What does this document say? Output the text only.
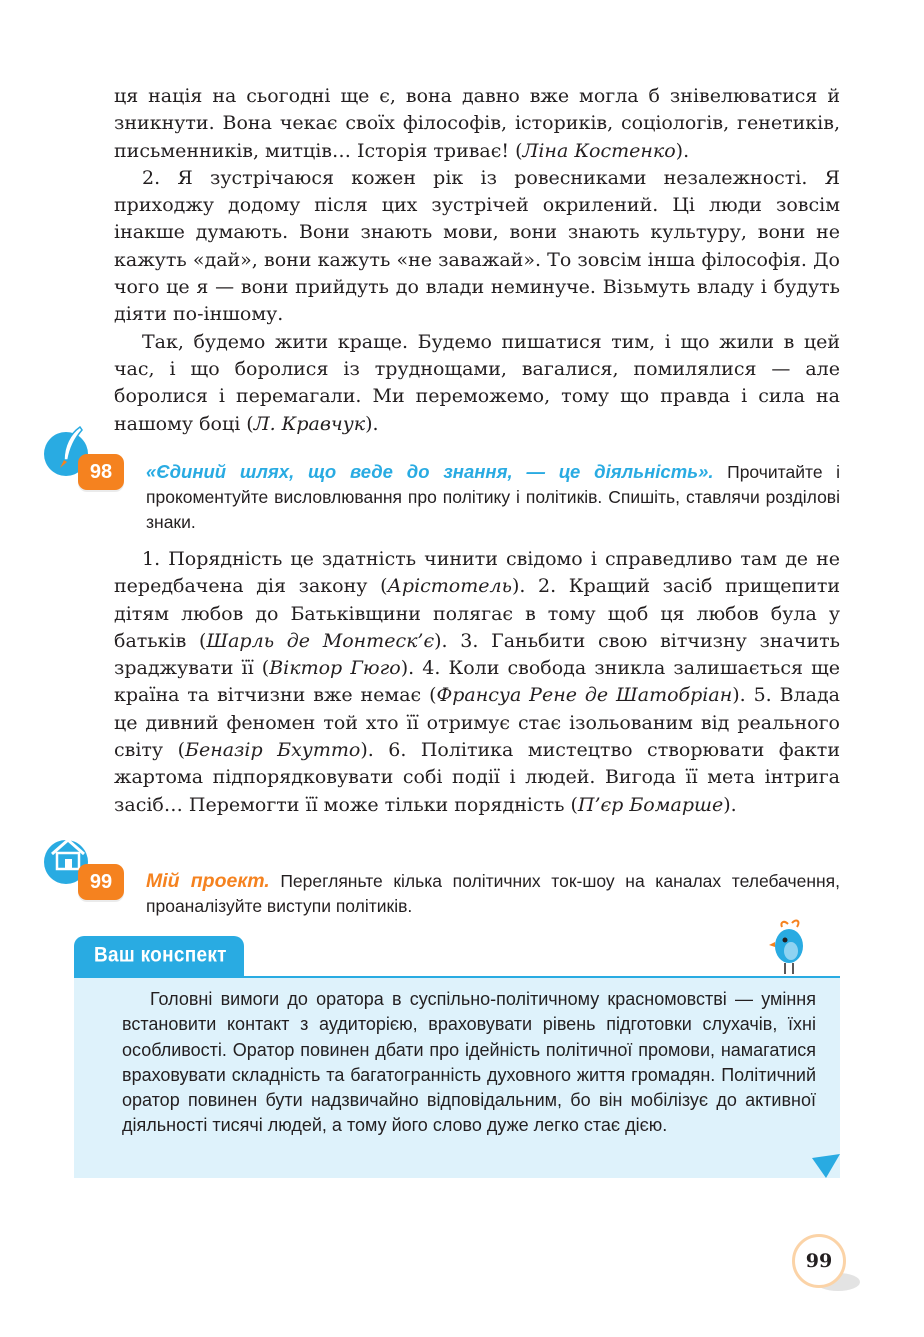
ця нація на сьогодні ще є, вона давно вже могла б знівелюватися й зникнути. Вона чекає своїх філософів, істориків, соціологів, генетиків, письменників, митців… Історія триває! (Ліна Костенко).

2. Я зустрічаюся кожен рік із ровесниками незалежності. Я приходжу додому після цих зустрічей окрилений. Ці люди зовсім інакше думають. Вони знають мови, вони знають культуру, вони не кажуть «дай», вони кажуть «не заважай». То зовсім інша філософія. До чого це я — вони прийдуть до влади неминуче. Візьмуть владу і будуть діяти по-іншому.

Так, будемо жити краще. Будемо пишатися тим, і що жили в цей час, і що боролися із труднощами, вагалися, помилялися — але боролися і перемагали. Ми переможемо, тому що правда і сила на нашому боці (Л. Кравчук).

98	«Єдиний шлях, що веде до знання, — це діяльність». Прочитайте і прокоментуйте висловлювання про політику і політиків. Спишіть, ставлячи розділові знаки.

1. Порядність це здатність чинити свідомо і справедливо там де не передбачена дія закону (Арістотель). 2. Кращий засіб прищепити дітям любов до Батьківщини полягає в тому щоб ця любов була у батьків (Шарль де Монтеск’є). 3. Ганьбити свою вітчизну значить зраджувати її (Віктор Гюго). 4. Коли свобода зникла залишається ще країна та вітчизни вже немає (Франсуа Рене де Шатобріан). 5. Влада це дивний феномен той хто її отримує стає ізольованим від реального світу (Беназір Бхутто). 6. Політика мистецтво створювати факти жартома підпорядковувати собі події і людей. Вигода її мета інтрига засіб… Перемогти її може тільки порядність (П’єр Бомарше).

99	Мій проект. Перегляньте кілька політичних ток-шоу на каналах телебачення, проаналізуйте виступи політиків.
Ваш конспект

Головні вимоги до оратора в суспільно-політичному красномовстві — уміння встановити контакт з аудиторією, враховувати рівень підготовки слухачів, їхні особливості. Оратор повинен дбати про ідейність політичної промови, намагатися враховувати складність та багатогранність духовного життя громадян. Політичний оратор повинен бути надзвичайно відповідальним, бо він мобілізує до активної діяльності тисячі людей, а тому його слово дуже легко стає дією.

99
